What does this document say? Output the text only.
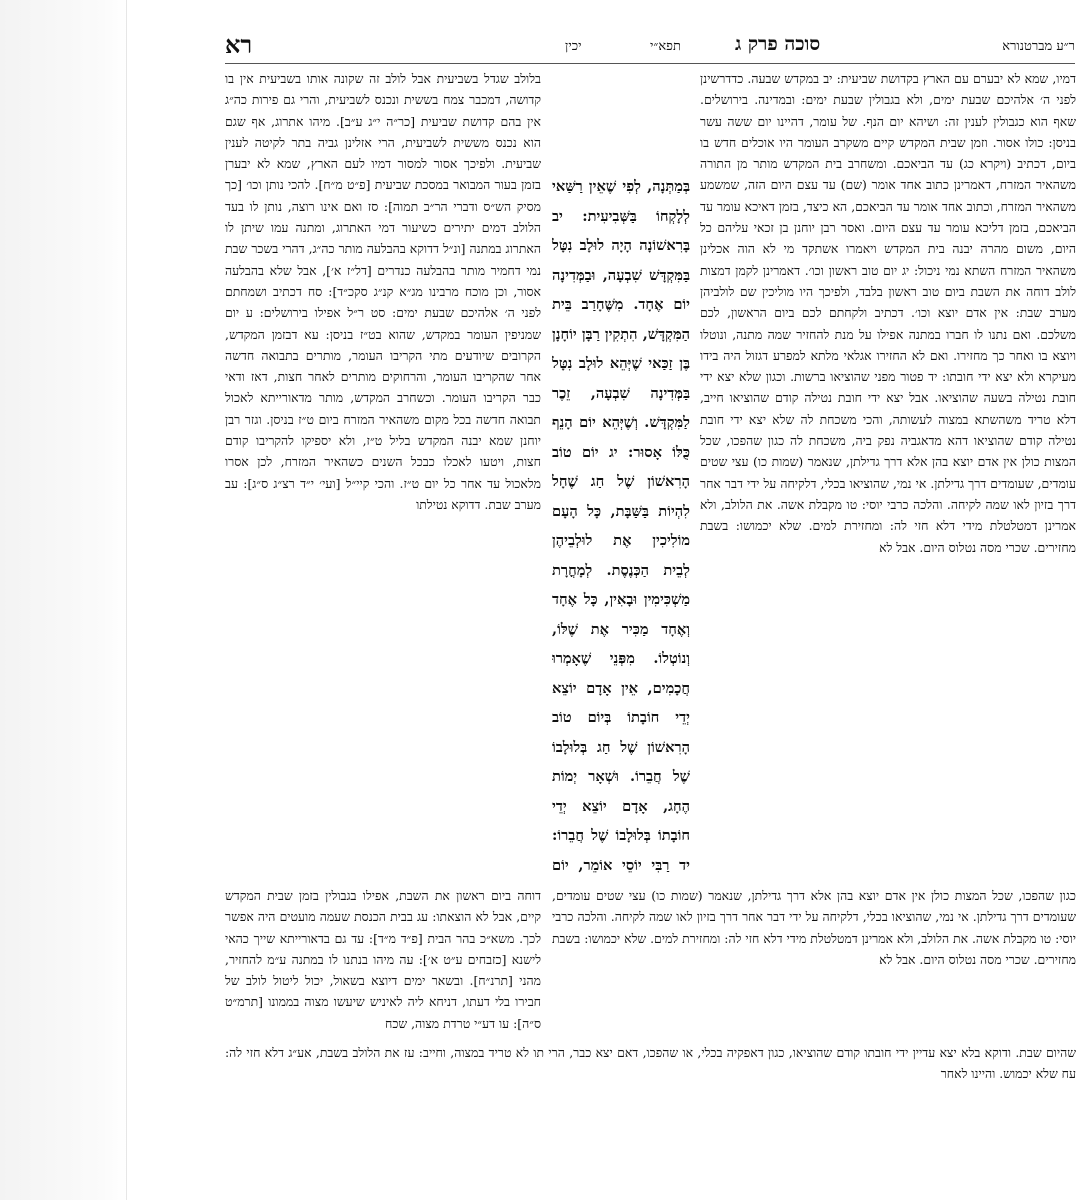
רא	יכין	תפא״י	סוכה פרק ג	ר״ע מברטנורא

דמיו, שמא לא יבערם עם הארץ בקדושת שביעית: יב במקדש שבעה. כדדרשינן לפני ה׳ אלהיכם שבעת ימים, ולא בגבולין שבעת ימים: ובמדינה. בירושלים. שאף הוא כגבולין לענין זה: ושיהא יום הנף. של עומר, דהיינו יום ששה עשר בניסן: כולו אסור. וזמן שבית המקדש קיים משקרב העומר היו אוכלים חדש בו ביום, דכתיב (ויקרא כג) עד הביאכם. ומשחרב בית המקדש מותר מן התורה משהאיר המזרח, דאמרינן כתוב אחד אומר (שם) עד עצם היום הזה, שמשמע משהאיר המזרח, וכתוב אחד אומר עד הביאכם, הא כיצד, בזמן דאיכא עומר עד הביאכם, בזמן דליכא עומר עד עצם היום. ואסר רבן יוחנן בן זכאי עליהם כל היום, משום מהרה יבנה בית המקדש ויאמרו אשתקד מי לא הוה אכלינן משהאיר המזרח השתא נמי ניכול: יג יום טוב ראשון וכו׳. דאמרינן לקמן דמצות לולב דוחה את השבת ביום טוב ראשון בלבד, ולפיכך היו מוליכין שם לולביהן מערב שבת: אין אדם יוצא וכו׳. דכתיב ולקחתם לכם ביום הראשון, לכם משלכם. ואם נתנו לו חברו במתנה אפילו על מנת להחזיר שמה מתנה, ונוטלו ויוצא בו ואחר כך מחזירו. ואם לא החזירו אגלאי מלתא למפרע דגזול היה בידו מעיקרא ולא יצא ידי חובתו: יד פטור מפני שהוציאו ברשות. וכגון שלא יצא ידי חובת נטילה בשעה שהוציאו. אבל יצא ידי חובת נטילה קודם שהוציאו חייב, דלא טריד משהשתא במצוה לעשותה, והכי משכחת לה שלא יצא ידי חובת נטילה קודם שהוציאו דהא מדאגביה נפק ביה, משכחת לה כגון שהפכו, שכל המצות כולן אין אדם יוצא בהן אלא דרך גדילתן, שנאמר (שמות כו) עצי שטים עומדים, שעומדים דרך גדילתן. אי נמי, שהוציאו בכלי, דלקיחה על ידי דבר אחר דרך בזיון לאו שמה לקיחה. והלכה כרבי יוסי: טו מקבלת אשה. את הלולב, ולא אמרינן דמטלטלת מידי דלא חזי לה: ומחזירת למים. שלא יכמושו: בשבת מחזירים. שכרי מסה נטלוס היום. אבל לא

בְּמַתְּנָה, לְפִי שֶׁאֵין רַשַּׁאי לְלָקְחוֹ בַּשְּׁבִיעִית: יב בָּרִאשׁוֹנָה הָיָה לוּלָב נִטָּל בַּמִּקְדָּשׁ שִׁבְעָה, וּבַמְּדִינָה יוֹם אֶחָד. מִשֶּׁחָרַב בֵּית הַמִּקְדָּשׁ, הִתְקִין רַבָּן יוֹחָנָן בֶּן זַכַּאי שֶׁיְּהֵא לוּלָב נִטָּל בַּמְּדִינָה שִׁבְעָה, זֵכֶר לַמִּקְדָּשׁ. וְשֶׁיְּהֵא יוֹם הָנֵף כֻּלּוֹ אָסוּר: יג יוֹם טוֹב הָרִאשׁוֹן שֶׁל חַג שֶׁחָל לִהְיוֹת בַּשַּׁבָּת, כָּל הָעָם מוֹלִיכִין אֶת לוּלְבֵיהֶן לְבֵית הַכְּנֶסֶת. לְמָחֳרָת מַשְׁכִּימִין וּבָאִין, כָּל אֶחָד וְאֶחָד מַכִּיר אֶת שֶׁלּוֹ, וְנוֹטְלוֹ. מִפְּנֵי שֶׁאָמְרוּ חֲכָמִים, אֵין אָדָם יוֹצֵא יְדֵי חוֹבָתוֹ בְּיוֹם טוֹב הָרִאשׁוֹן שֶׁל חַג בְּלוּלָבוֹ שֶׁל חֲבֵרוֹ. וּשְׁאָר יְמוֹת הֶחָג, אָדָם יוֹצֵא יְדֵי חוֹבָתוֹ בְּלוּלָבוֹ שֶׁל חֲבֵרוֹ: יד רַבִּי יוֹסֵי אוֹמֵר, יוֹם

בלולב שגדל בשביעית אבל לולב זה שקונה אותו בשביעית אין בו קדושה, דמכבר צמח בששית ונכנס לשביעית, והרי גם פירות כה״ג אין בהם קדושת שביעית [כר״ה י״ג ע״ב]. מיהו אתרוג, אף שגם הוא נכנס מששית לשביעית, הרי אזלינן גביה בתר לקיטה לענין שביעית. ולפיכך אסור למסור דמיו לעם הארץ, שמא לא יבערן בזמן בעור המבואר במסכת שביעית [פ״ט מ״ח]. להכי נותן וכו׳ [כך מסיק הש״ס ודברי הר״ב תמוה]: סז ואם אינו רוצה, נותן לו בעד הלולב דמים יתירים כשיעור דמי האתרוג, ומתנה עמו שיתן לו האתרוג במתנה [ונ״ל דדוקא בהבלעה מותר כה״ג, דהרי בשכר שבת נמי דחמיר מותר בהבלעה כנדרים [דל״ז א׳], אבל שלא בהבלעה אסור, וכן מוכח מרבינו מג״א קנ״ג סקכ״ד]: סח דכתיב ושמחתם לפני ה׳ אלהיכם שבעת ימים: סט ר״ל אפילו בירושלים: ע יום שמניפין העומר במקדש, שהוא בט״ז בניסן: עא דבזמן המקדש, הקרובים שיודעים מתי הקריבו העומר, מותרים בתבואה חדשה אחר שהקריבו העומר, והרחוקים מותרים לאחר חצות, דאז ודאי כבר הקריבו העומר. וכשחרב המקדש, מותר מדאורייתא לאכול תבואה חדשה בכל מקום משהאיר המזרח ביום ט״ז בניסן. וגזר רבן יוחנן שמא יבנה המקדש בליל ט״ז, ולא יספיקו להקריבו קודם חצות, ויטעו לאכלו כבכל השנים כשהאיר המזרח, לכן אסרו מלאכול עד אחר כל יום ט״ז. והכי קיי״ל [ועי׳ י״ד רצ״ג ס״ג]: עב מערב שבת. דדוקא נטילתו

כגון שהפכו, שכל המצות כולן אין אדם יוצא בהן אלא דרך גדילתן, שנאמר (שמות כו) עצי שטים עומדים, שעומדים דרך גדילתן. אי נמי, שהוציאו בכלי, דלקיחה על ידי דבר אחר דרך בזיון לאו שמה לקיחה. והלכה כרבי יוסי: טו מקבלת אשה. את הלולב, ולא אמרינן דמטלטלת מידי דלא חזי לה: ומחזירת למים. שלא יכמושו: בשבת מחזירים. שכרי מסה נטלוס היום. אבל לא

דוחה ביום ראשון את השבת, אפילו בגבולין בזמן שבית המקדש קיים, אבל לא הוצאתו: עג בבית הכנסת שעמה מועטים היה אפשר לכך. משא״כ בהר הבית [פ״ד מ״ד]: עד גם בדאורייתא שייך כהאי לישנא [כזבחים ע״ט א׳]: עה מיהו בנתנו לו במתנה ע״מ להחזיר, מהני [תרנ״ח]. ובשאר ימים דיוצא בשאול, יכול ליטול לולב של חבירו בלי דעתו, דניחא ליה לאיניש שיעשו מצוה בממונו [תרמ״ט ס״ה]: עו דע״י טרדת מצוה, שכח

שהיום שבת. ודוקא בלא יצא עדיין ידי חובתו קודם שהוציאו, כגון דאפקיה בכלי, או שהפכו, דאם יצא כבר, הרי תו לא טריד במצוה, וחייב: עז את הלולב בשבת, אע״ג דלא חזי לה: עח שלא יכמוש. והיינו לאחר
